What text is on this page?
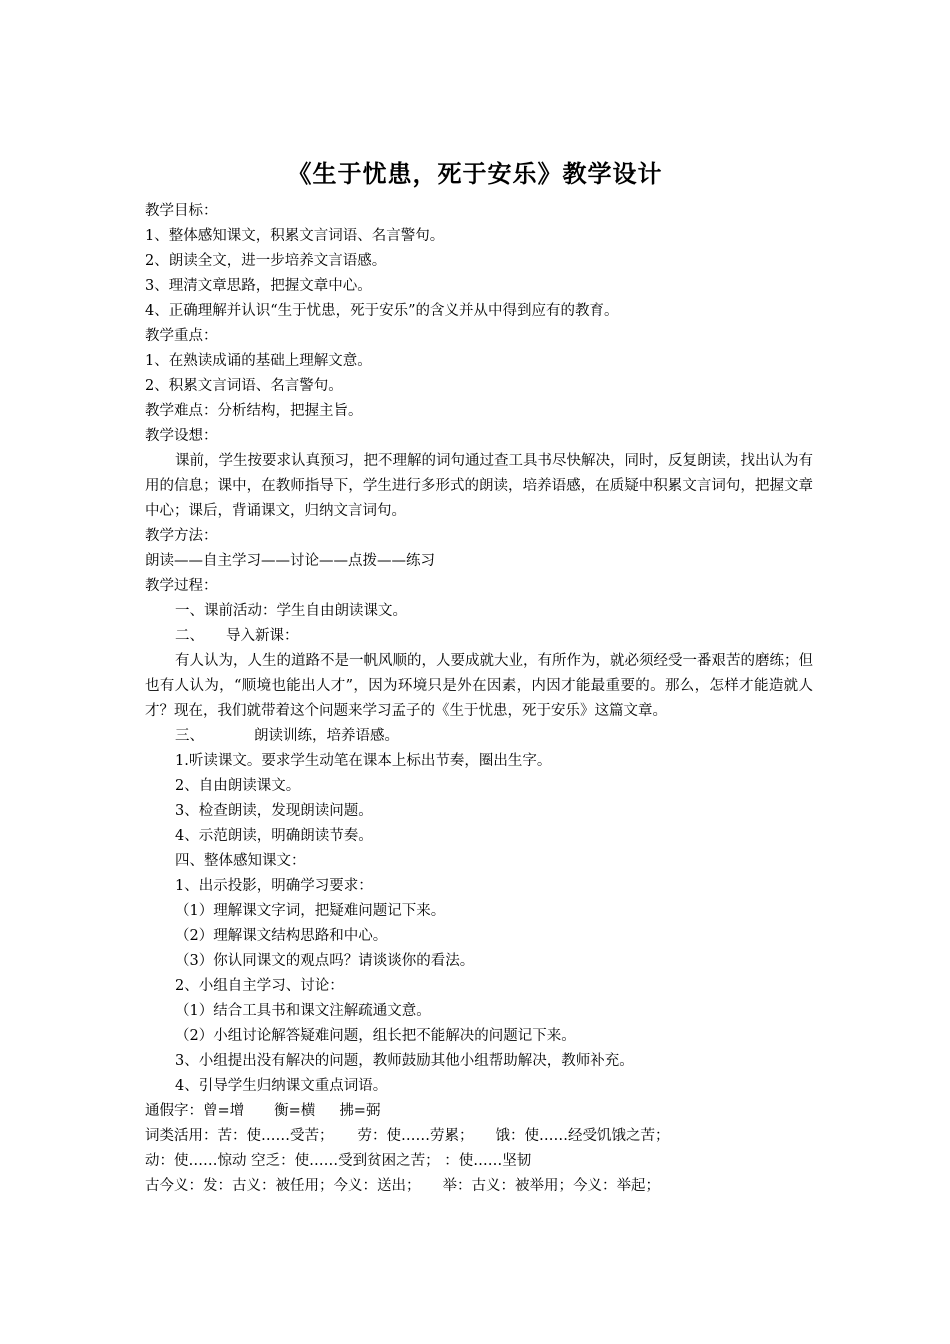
《生于忧患，死于安乐》教学设计
教学目标：
1、整体感知课文，积累文言词语、名言警句。
2、朗读全文，进一步培养文言语感。
3、理清文章思路，把握文章中心。
4、正确理解并认识“生于忧患，死于安乐”的含义并从中得到应有的教育。
教学重点：
1、在熟读成诵的基础上理解文意。
2、积累文言词语、名言警句。
教学难点：分析结构，把握主旨。
教学设想：
课前，学生按要求认真预习，把不理解的词句通过查工具书尽快解决，同时，反复朗读，找出认为有用的信息；课中，在教师指导下，学生进行多形式的朗读，培养语感，在质疑中积累文言词句，把握文章中心；课后，背诵课文，归纳文言词句。
教学方法：
朗读——自主学习——讨论——点拨——练习
教学过程：
一、课前活动：学生自由朗读课文。
二、 导入新课：
有人认为，人生的道路不是一帆风顺的，人要成就大业，有所作为，就必须经受一番艰苦的磨练；但也有人认为，“顺境也能出人才”，因为环境只是外在因素，内因才能最重要的。那么，怎样才能造就人才？现在，我们就带着这个问题来学习孟子的《生于忧患，死于安乐》这篇文章。
三、	朗读训练，培养语感。
1.听读课文。要求学生动笔在课本上标出节奏，圈出生字。
2、自由朗读课文。
3、检查朗读，发现朗读问题。
4、示范朗读，明确朗读节奏。
四、整体感知课文：
1、出示投影，明确学习要求：
（1）理解课文字词，把疑难问题记下来。
（2）理解课文结构思路和中心。
（3）你认同课文的观点吗？请谈谈你的看法。
2、小组自主学习、讨论：
（1）结合工具书和课文注解疏通文意。
（2）小组讨论解答疑难问题，组长把不能解决的问题记下来。
3、小组提出没有解决的问题，教师鼓励其他小组帮助解决，教师补充。
4、引导学生归纳课文重点词语。
通假字：曾=增 衡=横 拂=弼
词类活用：苦：使……受苦； 劳：使……劳累； 饿：使……经受饥饿之苦；
动：使……惊动 空乏：使……受到贫困之苦； ：使……坚韧
古今义：发：古义：被任用；今义：送出； 举：古义：被举用；今义：举起；
